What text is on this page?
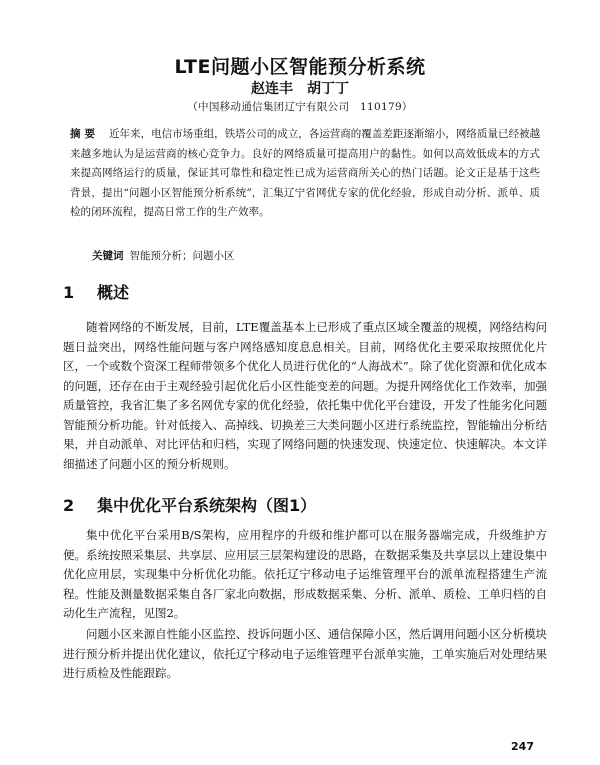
LTE问题小区智能预分析系统
赵连丰　胡丁丁
（中国移动通信集团辽宁有限公司　110179）
摘要 近年来，电信市场重组，铁塔公司的成立，各运营商的覆盖差距逐渐缩小，网络质量已经被越来越多地认为是运营商的核心竞争力。良好的网络质量可提高用户的黏性。如何以高效低成本的方式来提高网络运行的质量，保证其可靠性和稳定性已成为运营商所关心的热门话题。论文正是基于这些背景，提出“问题小区智能预分析系统”，汇集辽宁省网优专家的优化经验，形成自动分析、派单、质检的闭环流程，提高日常工作的生产效率。
关键词 智能预分析；问题小区
1 概述

随着网络的不断发展，目前，LTE覆盖基本上已形成了重点区域全覆盖的规模，网络结构问题日益突出，网络性能问题与客户网络感知度息息相关。目前，网络优化主要采取按照优化片区，一个或数个资深工程师带领多个优化人员进行优化的“人海战术”。除了优化资源和优化成本的问题，还存在由于主观经验引起优化后小区性能变差的问题。为提升网络优化工作效率，加强质量管控，我省汇集了多名网优专家的优化经验，依托集中优化平台建设，开发了性能劣化问题智能预分析功能。针对低接入、高掉线、切换差三大类问题小区进行系统监控，智能输出分析结果，并自动派单、对比评估和归档，实现了网络问题的快速发现、快速定位、快速解决。本文详细描述了问题小区的预分析规则。

2 集中优化平台系统架构（图1）

集中优化平台采用B/S架构，应用程序的升级和维护都可以在服务器端完成，升级维护方便。系统按照采集层、共享层、应用层三层架构建设的思路，在数据采集及共享层以上建设集中优化应用层，实现集中分析优化功能。依托辽宁移动电子运维管理平台的派单流程搭建生产流程。性能及测量数据采集自各厂家北向数据，形成数据采集、分析、派单、质检、工单归档的自动化生产流程，见图2。

问题小区来源自性能小区监控、投诉问题小区、通信保障小区，然后调用问题小区分析模块进行预分析并提出优化建议，依托辽宁移动电子运维管理平台派单实施，工单实施后对处理结果进行质检及性能跟踪。

247
